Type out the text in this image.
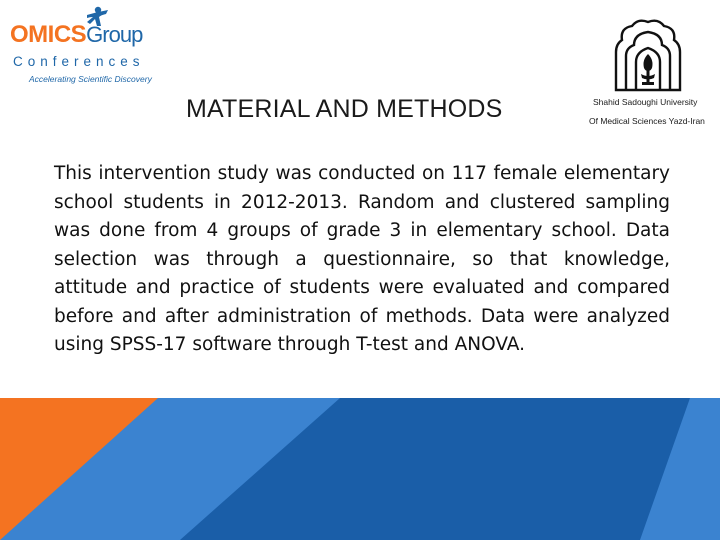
OMICSGroup
Conferences
Accelerating Scientific Discovery
MATERIAL AND METHODS	Shahid Sadoughi University
Of Medical Sciences Yazd-Iran
This intervention study was conducted on 117 female elementary school students in 2012-2013. Random and clustered sampling was done from 4 groups of grade 3 in elementary school. Data selection was through a questionnaire, so that knowledge, attitude and practice of students were evaluated and compared before and after administration of methods. Data were analyzed using SPSS-17 software through T-test and ANOVA.
